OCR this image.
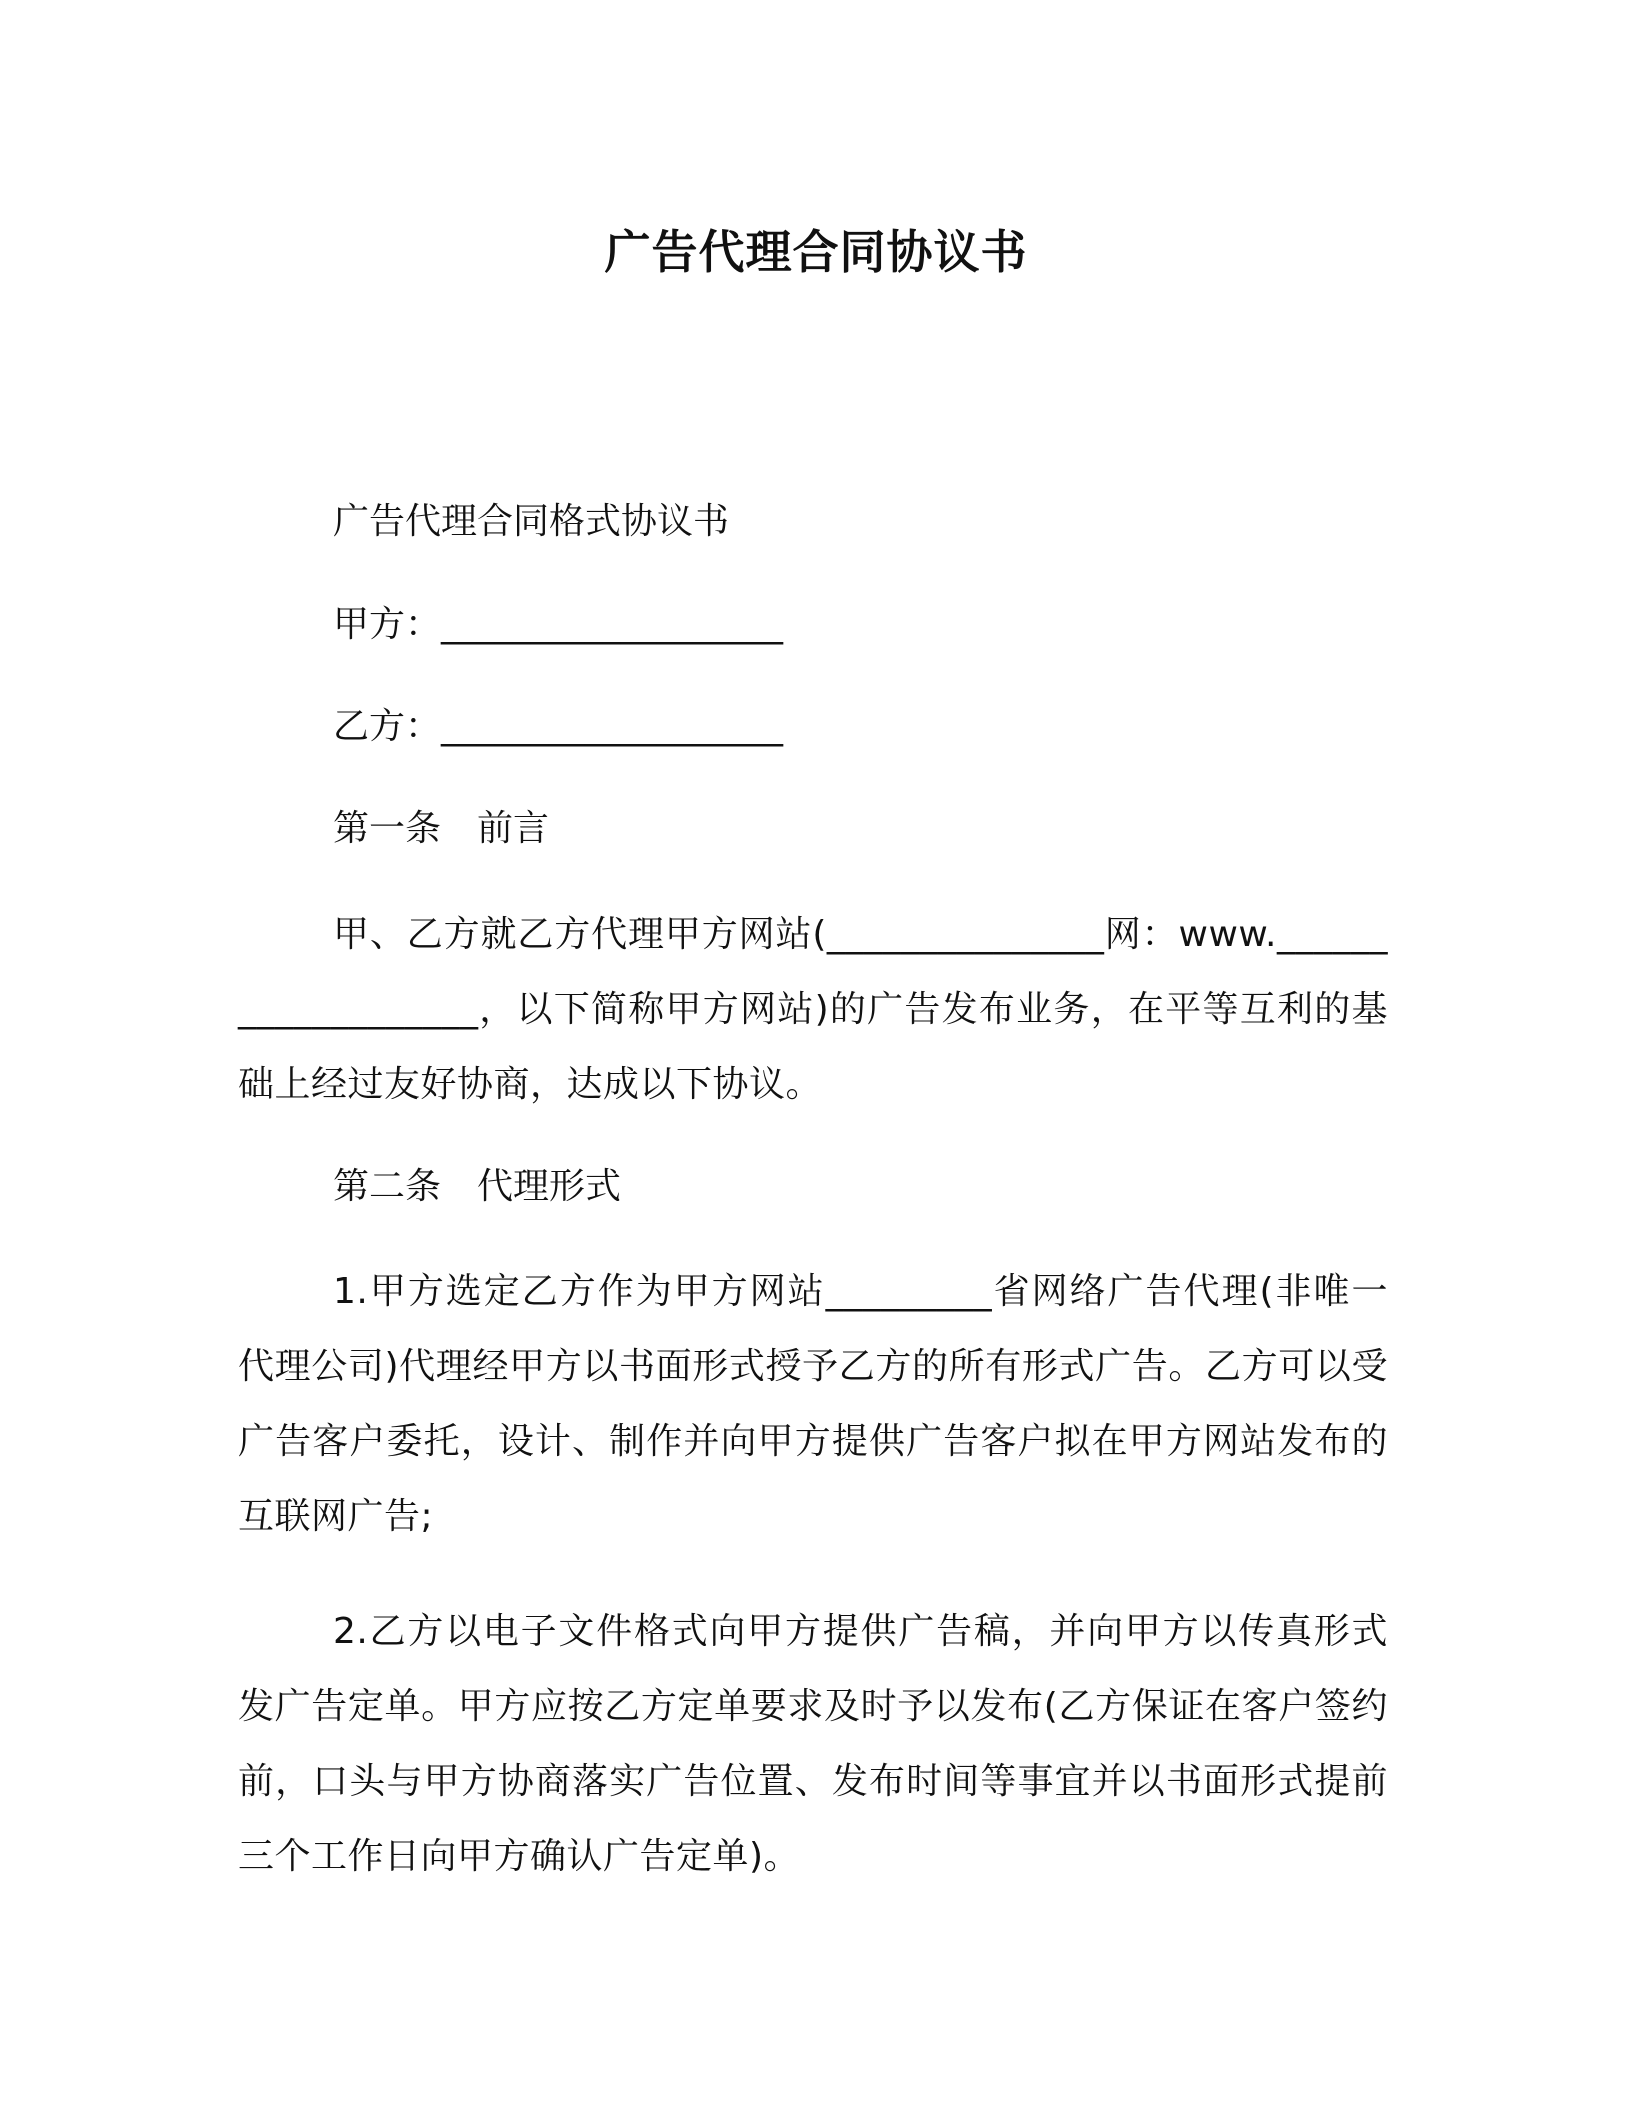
广告代理合同协议书
广告代理合同格式协议书
甲方：___________________
乙方：___________________
第一条　前言
甲、乙方就乙方代理甲方网站(_______________网：www.___________________，以下简称甲方网站)的广告发布业务，在平等互利的基础上经过友好协商，达成以下协议。
第二条　代理形式
1.甲方选定乙方作为甲方网站_________省网络广告代理(非唯一代理公司)代理经甲方以书面形式授予乙方的所有形式广告。乙方可以受广告客户委托，设计、制作并向甲方提供广告客户拟在甲方网站发布的互联网广告;
2.乙方以电子文件格式向甲方提供广告稿，并向甲方以传真形式发广告定单。甲方应按乙方定单要求及时予以发布(乙方保证在客户签约前，口头与甲方协商落实广告位置、发布时间等事宜并以书面形式提前三个工作日向甲方确认广告定单)。
